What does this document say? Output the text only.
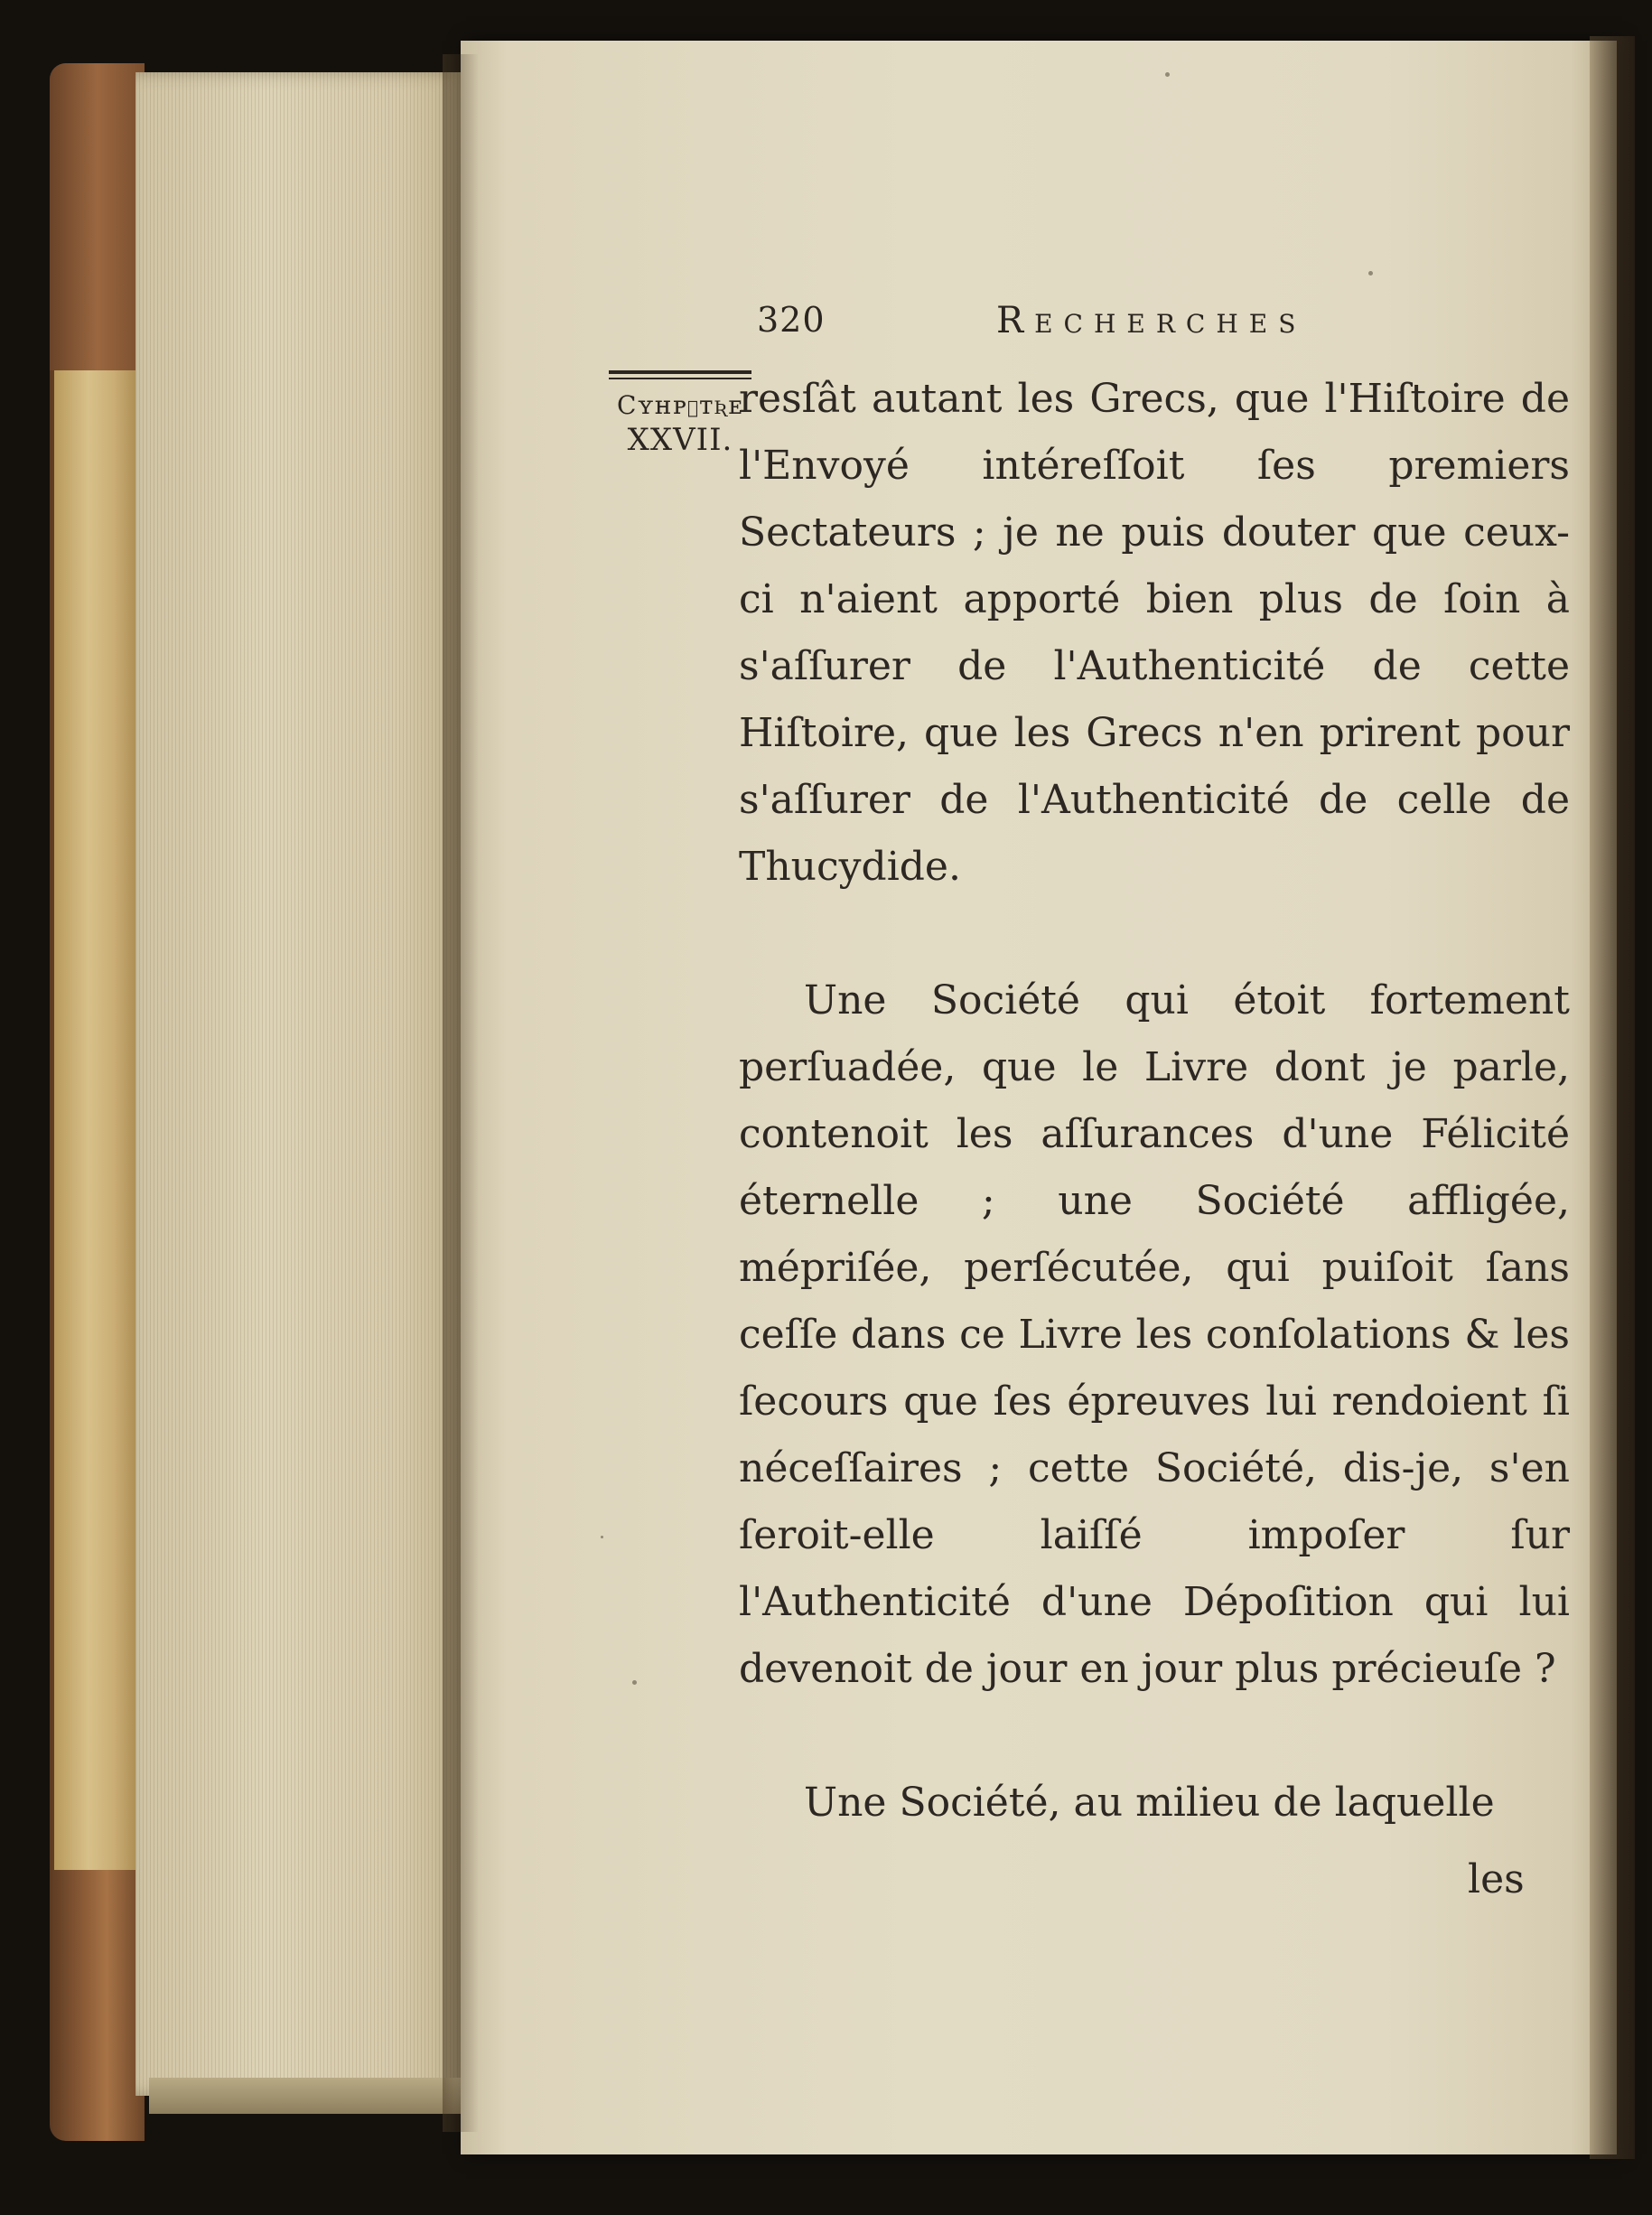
320	Recherches
Cʏʜᴘɪᴛʀᴇ
XXVII.

resſât autant les Grecs, que l'Hiſtoire de l'Envoyé intéreſſoit ſes premiers Sectateurs ; je ne puis douter que ceux-ci n'aient apporté bien plus de ſoin à s'aſſurer de l'Authenticité de cette Hiſtoire, que les Grecs n'en prirent pour s'aſſurer de l'Authenticité de celle de Thucydide.

Une Société qui étoit fortement perſuadée, que le Livre dont je parle, contenoit les aſſurances d'une Félicité éternelle ; une Société affligée, mépriſée, perſécutée, qui puiſoit ſans ceſſe dans ce Livre les conſolations & les ſecours que ſes épreuves lui rendoient ſi néceſſaires ; cette Société, dis-je, s'en ſeroit-elle laiſſé impoſer ſur l'Authenticité d'une Dépoſition qui lui devenoit de jour en jour plus précieuſe ?

Une Société, au milieu de laquelle

les
